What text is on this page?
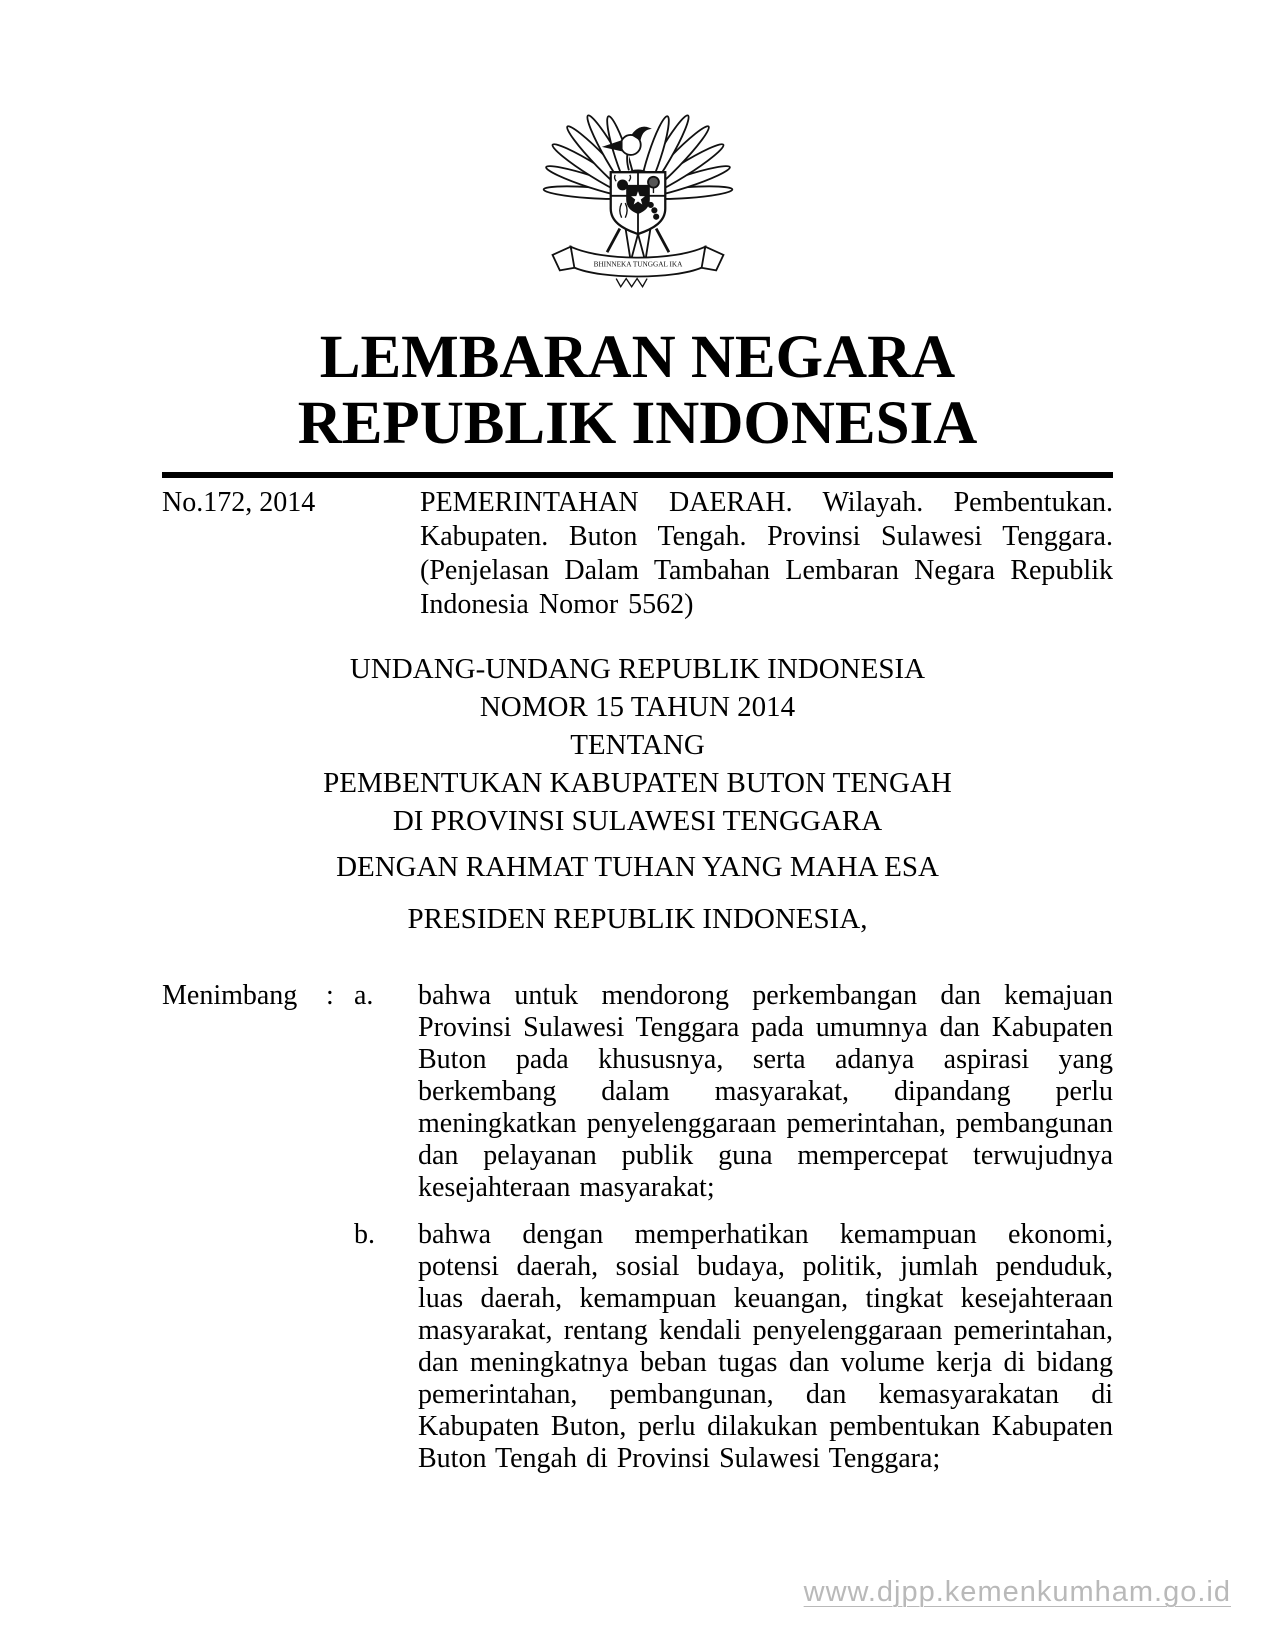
BHINNEKA TUNGGAL IKA
LEMBARAN NEGARA
REPUBLIK INDONESIA
No.172, 2014	PEMERINTAHAN DAERAH. Wilayah. Pembentukan. Kabupaten. Buton Tengah. Provinsi Sulawesi Tenggara. (Penjelasan Dalam Tambahan Lembaran Negara Republik Indonesia Nomor 5562)
UNDANG-UNDANG REPUBLIK INDONESIA
NOMOR 15 TAHUN 2014
TENTANG
PEMBENTUKAN KABUPATEN BUTON TENGAH
DI PROVINSI SULAWESI TENGGARA
DENGAN RAHMAT TUHAN YANG MAHA ESA
PRESIDEN REPUBLIK INDONESIA,
Menimbang	: a.	bahwa untuk mendorong perkembangan dan kemajuan Provinsi Sulawesi Tenggara pada umumnya dan Kabupaten Buton pada khususnya, serta adanya aspirasi yang berkembang dalam masyarakat, dipandang perlu meningkatkan penyelenggaraan pemerintahan, pembangunan dan pelayanan publik guna mempercepat terwujudnya kesejahteraan masyarakat;
b.	bahwa dengan memperhatikan kemampuan ekonomi, potensi daerah, sosial budaya, politik, jumlah penduduk, luas daerah, kemampuan keuangan, tingkat kesejahteraan masyarakat, rentang kendali penyelenggaraan pemerintahan, dan meningkatnya beban tugas dan volume kerja di bidang pemerintahan, pembangunan, dan kemasyarakatan di Kabupaten Buton, perlu dilakukan pembentukan Kabupaten Buton Tengah di Provinsi Sulawesi Tenggara;
www.djpp.kemenkumham.go.id
